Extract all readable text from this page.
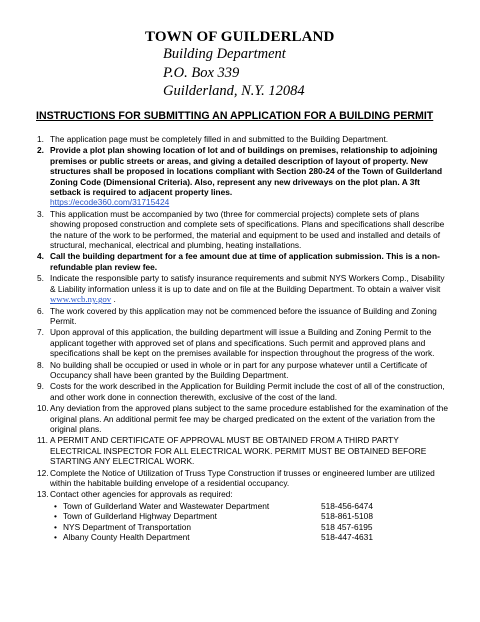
TOWN OF GUILDERLAND
Building Department
P.O. Box 339
Guilderland, N.Y. 12084
INSTRUCTIONS FOR SUBMITTING AN APPLICATION FOR A BUILDING PERMIT
1. The application page must be completely filled in and submitted to the Building Department.
2. Provide a plot plan showing location of lot and of buildings on premises, relationship to adjoining premises or public streets or areas, and giving a detailed description of layout of property. New structures shall be proposed in locations compliant with Section 280-24 of the Town of Guilderland Zoning Code (Dimensional Criteria). Also, represent any new driveways on the plot plan. A 3ft setback is required to adjacent property lines.
https://ecode360.com/31715424
3. This application must be accompanied by two (three for commercial projects) complete sets of plans showing proposed construction and complete sets of specifications. Plans and specifications shall describe the nature of the work to be performed, the material and equipment to be used and installed and details of structural, mechanical, electrical and plumbing, heating installations.
4. Call the building department for a fee amount due at time of application submission. This is a non-refundable plan review fee.
5. Indicate the responsible party to satisfy insurance requirements and submit NYS Workers Comp., Disability & Liability information unless it is up to date and on file at the Building Department. To obtain a waiver visit www.wcb.ny.gov .
6. The work covered by this application may not be commenced before the issuance of Building and Zoning Permit.
7. Upon approval of this application, the building department will issue a Building and Zoning Permit to the applicant together with approved set of plans and specifications. Such permit and approved plans and specifications shall be kept on the premises available for inspection throughout the progress of the work.
8. No building shall be occupied or used in whole or in part for any purpose whatever until a Certificate of Occupancy shall have been granted by the Building Department.
9. Costs for the work described in the Application for Building Permit include the cost of all of the construction, and other work done in connection therewith, exclusive of the cost of the land.
10. Any deviation from the approved plans subject to the same procedure established for the examination of the original plans. An additional permit fee may be charged predicated on the extent of the variation from the original plans.
11. A PERMIT AND CERTIFICATE OF APPROVAL MUST BE OBTAINED FROM A THIRD PARTY ELECTRICAL INSPECTOR FOR ALL ELECTRICAL WORK. PERMIT MUST BE OBTAINED BEFORE STARTING ANY ELECTRICAL WORK.
12. Complete the Notice of Utilization of Truss Type Construction if trusses or engineered lumber are utilized within the habitable building envelope of a residential occupancy.
13. Contact other agencies for approvals as required:
• Town of Guilderland Water and Wastewater Department	518-456-6474
• Town of Guilderland Highway Department	518-861-5108
• NYS Department of Transportation	518 457-6195
• Albany County Health Department	518-447-4631
